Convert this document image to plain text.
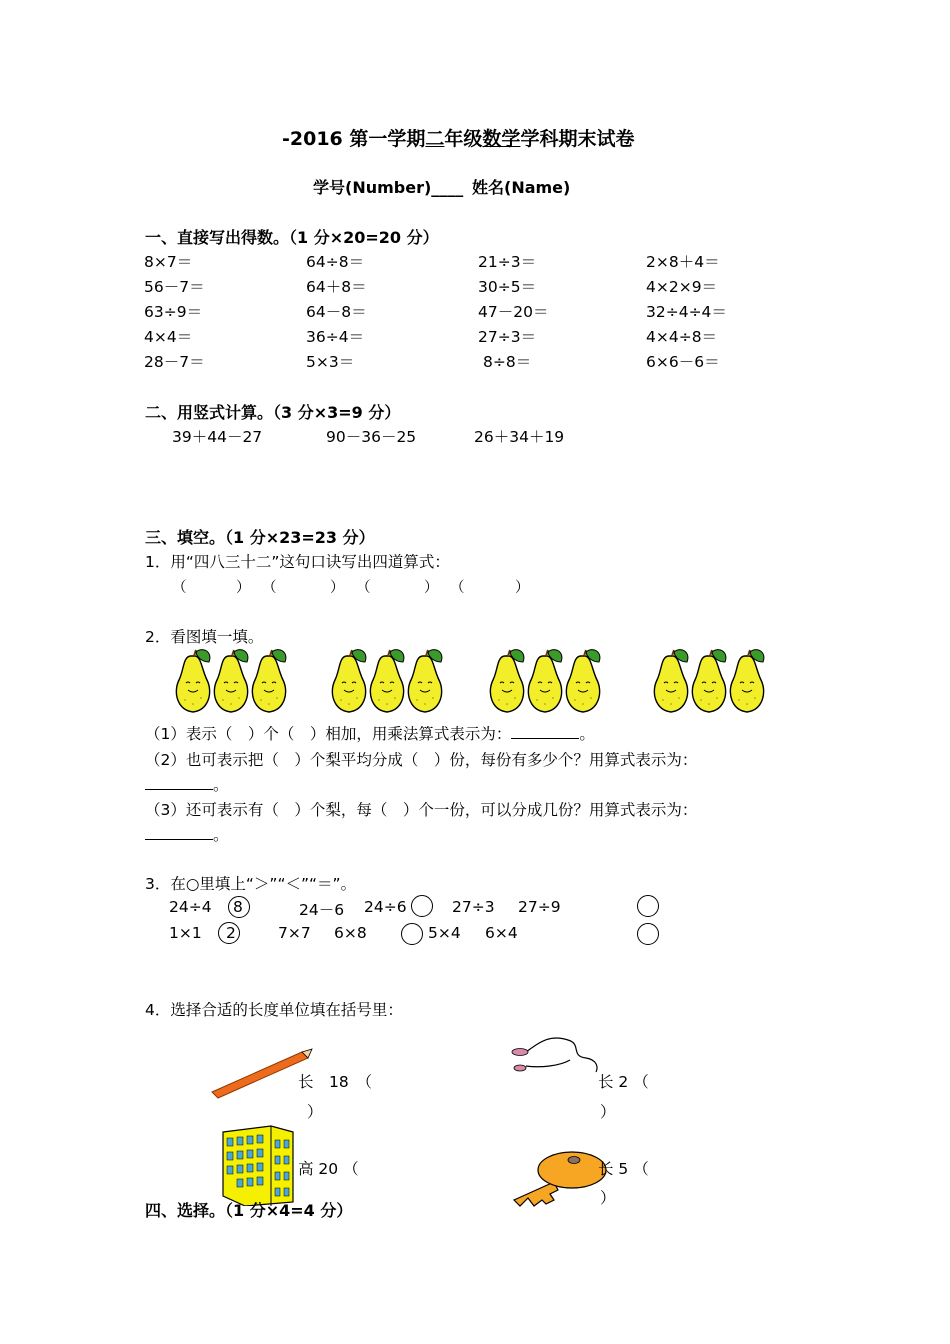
-2016 第一学期二年级数学学科期末试卷
学号(Number)____ 姓名(Name)
一、直接写出得数。（1 分×20=20 分）
8×7＝	64÷8＝	21÷3＝	2×8＋4＝
56－7＝	64＋8＝	30÷5＝	4×2×9＝
63÷9＝	64－8＝	47－20＝	32÷4÷4＝
4×4＝	36÷4＝	27÷3＝	4×4÷8＝
28－7＝	5×3＝	8÷8＝	6×6－6＝
二、用竖式计算。（3 分×3=9 分）
39＋44－27	90－36－25	26＋34＋19
三、填空。（1 分×23=23 分）
1．用“四八三十二”这句口诀写出四道算式：
（	） （	） （	） （	）
2．看图填一填。
（1）表示（　）个（　）相加，用乘法算式表示为：	。
（2）也可表示把（　）个梨平均分成（　）份，每份有多少个？用算式表示为：
。
（3）还可表示有（　）个梨，每（　）个一份，可以分成几份？用算式表示为：
。
3．在○里填上“＞”“＜”“＝”。
24÷4 8	24－6 24÷6	27÷3 27÷9
1×1 2	7×7 6×8	5×4 6×4
4．选择合适的长度单位填在括号里：
长　18　（
）
长 2 （
）
高 20 （	长 5 （
）
四、选择。（1 分×4=4 分）
